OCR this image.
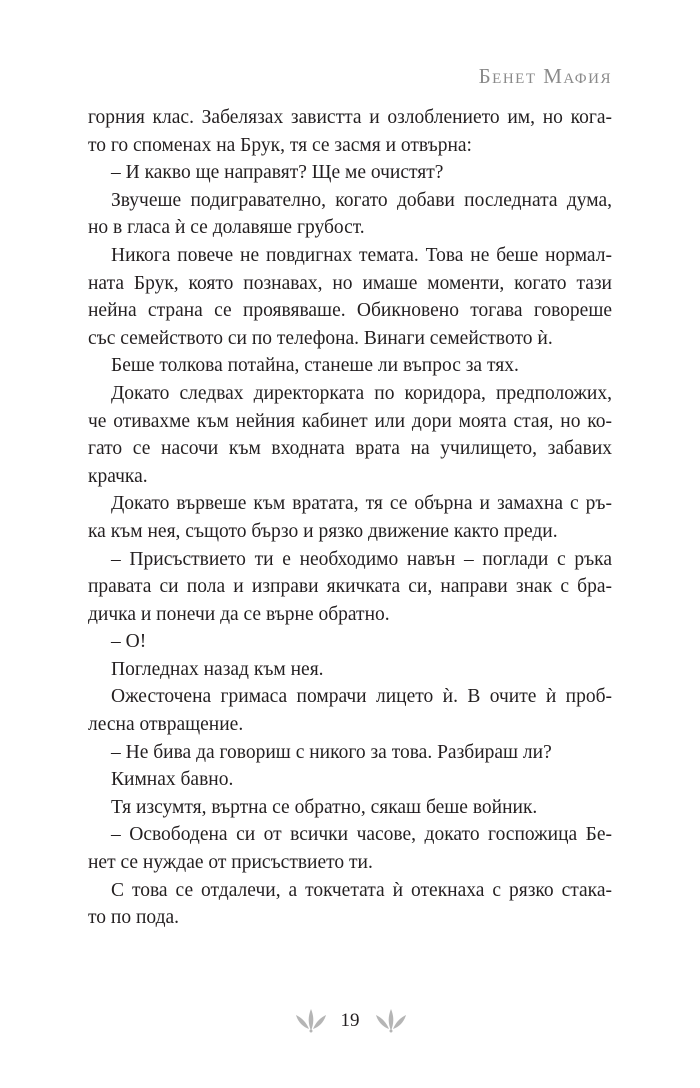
Бенет Мафия
горния клас. Забелязах завистта и озлоблението им, но кога-
то го споменах на Брук, тя се засмя и отвърна:
– И какво ще направят? Ще ме очистят?
Звучеше подигравателно, когато добави последната дума,
но в гласа ѝ се долавяше грубост.
Никога повече не повдигнах темата. Това не беше нормал-
ната Брук, която познавах, но имаше моменти, когато тази
нейна страна се проявяваше. Обикновено тогава говореше
със семейството си по телефона. Винаги семейството ѝ.
Беше толкова потайна, станеше ли въпрос за тях.
Докато следвах директорката по коридора, предположих,
че отивахме към нейния кабинет или дори моята стая, но ко-
гато се насочи към входната врата на училището, забавих
крачка.
Докато вървеше към вратата, тя се обърна и замахна с ръ-
ка към нея, същото бързо и рязко движение както преди.
– Присъствието ти е необходимо навън – поглади с ръка
правата си пола и изправи якичката си, направи знак с бра-
дичка и понечи да се върне обратно.
– О!
Погледнах назад към нея.
Ожесточена гримаса помрачи лицето ѝ. В очите ѝ проб-
лесна отвращение.
– Не бива да говориш с никого за това. Разбираш ли?
Кимнах бавно.
Тя изсумтя, въртна се обратно, сякаш беше войник.
– Освободена си от всички часове, докато госпожица Бе-
нет се нуждае от присъствието ти.
С това се отдалечи, а токчетата ѝ отекнаха с рязко стака-
то по пода.
19
